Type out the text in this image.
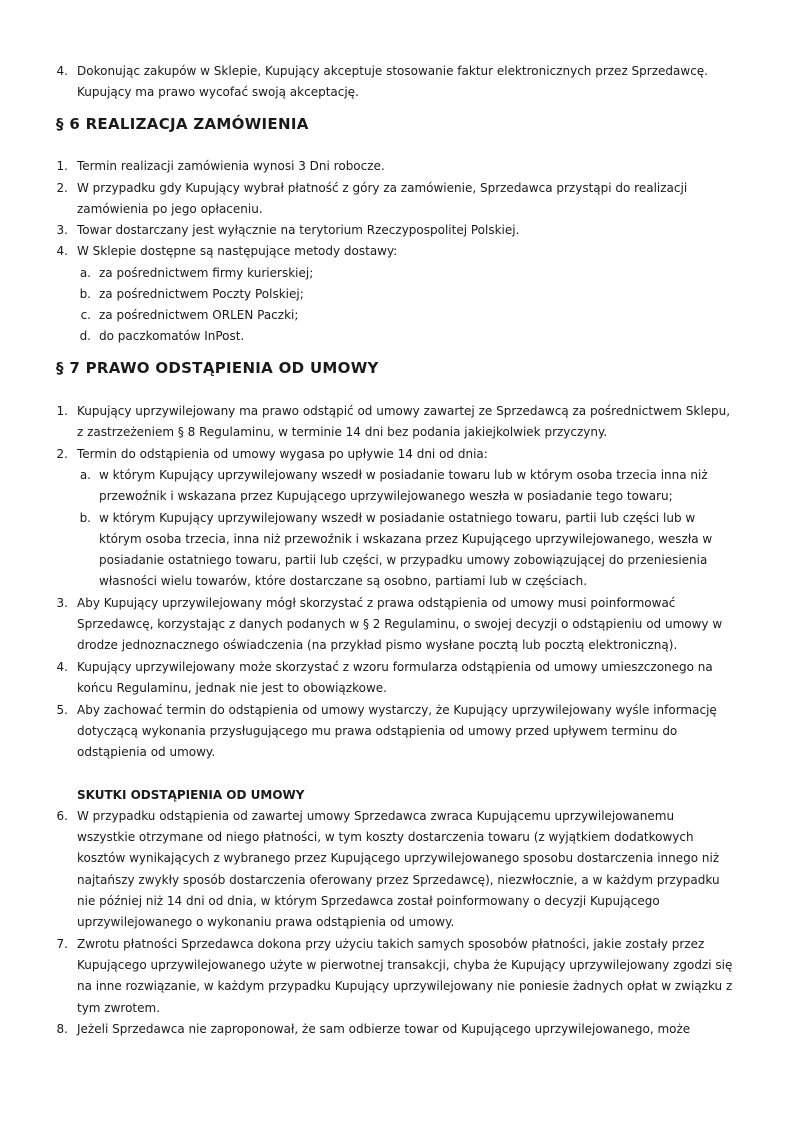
4. Dokonując zakupów w Sklepie, Kupujący akceptuje stosowanie faktur elektronicznych przez Sprzedawcę.
Kupujący ma prawo wycofać swoją akceptację.
§ 6 REALIZACJA ZAMÓWIENIA
1. Termin realizacji zamówienia wynosi 3 Dni robocze.
2. W przypadku gdy Kupujący wybrał płatność z góry za zamówienie, Sprzedawca przystąpi do realizacji
zamówienia po jego opłaceniu.
3. Towar dostarczany jest wyłącznie na terytorium Rzeczypospolitej Polskiej.
4. W Sklepie dostępne są następujące metody dostawy:
a. za pośrednictwem firmy kurierskiej;
b. za pośrednictwem Poczty Polskiej;
c. za pośrednictwem ORLEN Paczki;
d. do paczkomatów InPost.
§ 7 PRAWO ODSTĄPIENIA OD UMOWY
1. Kupujący uprzywilejowany ma prawo odstąpić od umowy zawartej ze Sprzedawcą za pośrednictwem Sklepu,
z zastrzeżeniem § 8 Regulaminu, w terminie 14 dni bez podania jakiejkolwiek przyczyny.
2. Termin do odstąpienia od umowy wygasa po upływie 14 dni od dnia:
a. w którym Kupujący uprzywilejowany wszedł w posiadanie towaru lub w którym osoba trzecia inna niż
przewoźnik i wskazana przez Kupującego uprzywilejowanego weszła w posiadanie tego towaru;
b. w którym Kupujący uprzywilejowany wszedł w posiadanie ostatniego towaru, partii lub części lub w
którym osoba trzecia, inna niż przewoźnik i wskazana przez Kupującego uprzywilejowanego, weszła w
posiadanie ostatniego towaru, partii lub części, w przypadku umowy zobowiązującej do przeniesienia
własności wielu towarów, które dostarczane są osobno, partiami lub w częściach.
3. Aby Kupujący uprzywilejowany mógł skorzystać z prawa odstąpienia od umowy musi poinformować
Sprzedawcę, korzystając z danych podanych w § 2 Regulaminu, o swojej decyzji o odstąpieniu od umowy w
drodze jednoznacznego oświadczenia (na przykład pismo wysłane pocztą lub pocztą elektroniczną).
4. Kupujący uprzywilejowany może skorzystać z wzoru formularza odstąpienia od umowy umieszczonego na
końcu Regulaminu, jednak nie jest to obowiązkowe.
5. Aby zachować termin do odstąpienia od umowy wystarczy, że Kupujący uprzywilejowany wyśle informację
dotyczącą wykonania przysługującego mu prawa odstąpienia od umowy przed upływem terminu do
odstąpienia od umowy.
SKUTKI ODSTĄPIENIA OD UMOWY
6. W przypadku odstąpienia od zawartej umowy Sprzedawca zwraca Kupującemu uprzywilejowanemu
wszystkie otrzymane od niego płatności, w tym koszty dostarczenia towaru (z wyjątkiem dodatkowych
kosztów wynikających z wybranego przez Kupującego uprzywilejowanego sposobu dostarczenia innego niż
najtańszy zwykły sposób dostarczenia oferowany przez Sprzedawcę), niezwłocznie, a w każdym przypadku
nie później niż 14 dni od dnia, w którym Sprzedawca został poinformowany o decyzji Kupującego
uprzywilejowanego o wykonaniu prawa odstąpienia od umowy.
7. Zwrotu płatności Sprzedawca dokona przy użyciu takich samych sposobów płatności, jakie zostały przez
Kupującego uprzywilejowanego użyte w pierwotnej transakcji, chyba że Kupujący uprzywilejowany zgodzi się
na inne rozwiązanie, w każdym przypadku Kupujący uprzywilejowany nie poniesie żadnych opłat w związku z
tym zwrotem.
8. Jeżeli Sprzedawca nie zaproponował, że sam odbierze towar od Kupującego uprzywilejowanego, może
